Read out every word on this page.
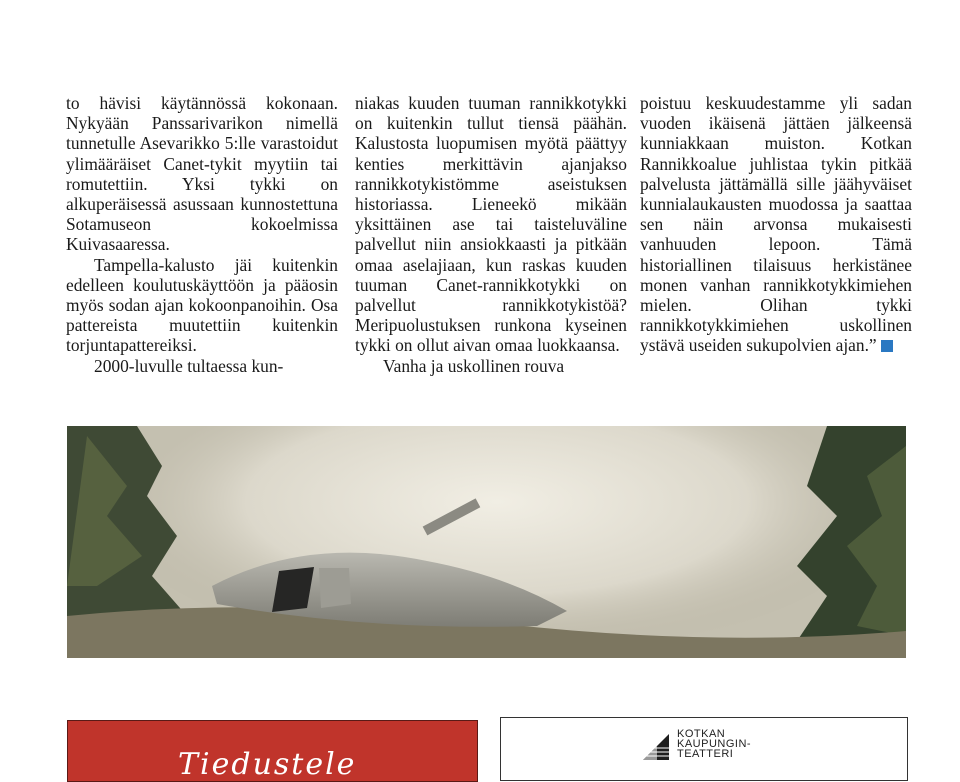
to hävisi käytännössä kokonaan. Nykyään Panssarivarikon nimellä tunnetulle Asevarikko 5:lle varastoidut ylimääräiset Canet-tykit myytiin tai romutettiin. Yksi tykki on alkuperäisessä asussaan kunnostettuna Sotamuseon kokoelmissa Kuivasaaressa.

Tampella-kalusto jäi kuitenkin edelleen koulutuskäyttöön ja pääosin myös sodan ajan kokoonpanoihin. Osa pattereista muutettiin kuitenkin torjuntapattereiksi.

2000-luvulle tultaessa kun-

niakas kuuden tuuman rannikkotykki on kuitenkin tullut tiensä päähän. Kalustosta luopumisen myötä päättyy kenties merkittävin ajanjakso rannikkotykistömme aseistuksen historiassa. Lieneekö mikään yksittäinen ase tai taisteluväline palvellut niin ansiokkaasti ja pitkään omaa aselajiaan, kun raskas kuuden tuuman Canet-rannikkotykki on palvellut rannikkotykistöä? Meripuolustuksen runkona kyseinen tykki on ollut aivan omaa luokkaansa.

Vanha ja uskollinen rouva

poistuu keskuudestamme yli sadan vuoden ikäisenä jättäen jälkeensä kunniakkaan muiston. Kotkan Rannikkoalue juhlistaa tykin pitkää palvelusta jättämällä sille jäähyväiset kunnialaukausten muodossa ja saattaa sen näin arvonsa mukaisesti vanhuuden lepoon. Tämä historiallinen tilaisuus herkistänee monen vanhan rannikkotykkimiehen mielen. Olihan tykki rannikkotykkimiehen uskollinen ystävä useiden sukupolvien ajan.”

Tiedustele
KOTKAN
KAUPUNGIN-
TEATTERI
